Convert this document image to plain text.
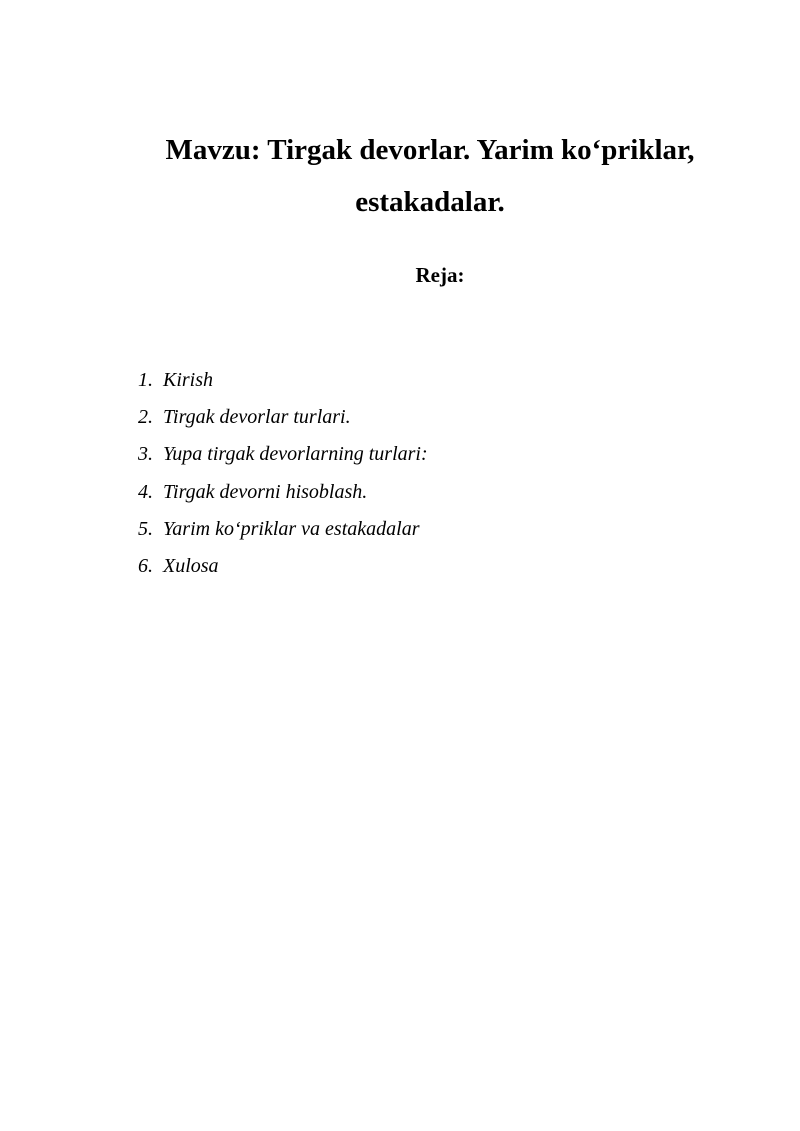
Mavzu: Tirgak devorlar. Yarim ko‘priklar,
estakadalar.
Reja:
1. Kirish
2. Tirgak devorlar turlari.
3. Yupa tirgak devorlarning turlari:
4. Tirgak devorni hisoblash.
5. Yarim ko‘priklar va estakadalar
6. Xulosa
